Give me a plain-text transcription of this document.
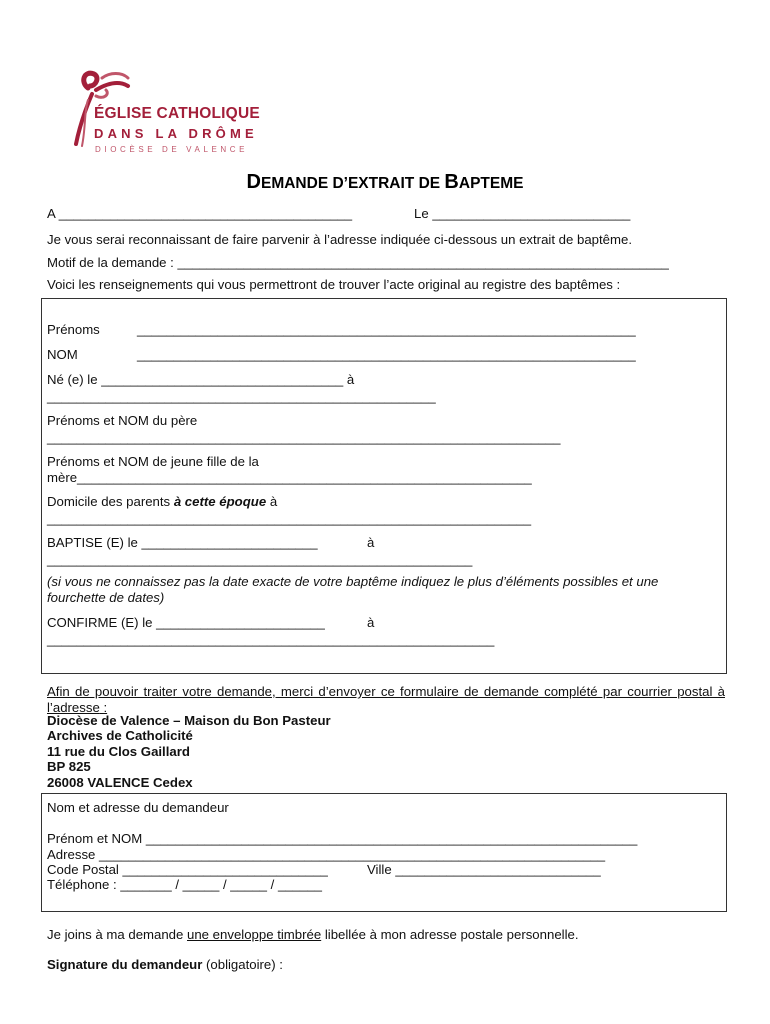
ÉGLISE CATHOLIQUE
DANS LA DRÔME
DIOCÈSE DE VALENCE
DEMANDE D’EXTRAIT DE BAPTEME
A ________________________________________	Le ___________________________
Je vous serai reconnaissant de faire parvenir à l’adresse indiquée ci-dessous un extrait de baptême.
Motif de la demande : ___________________________________________________________________
Voici les renseignements qui vous permettront de trouver l’acte original au registre des baptêmes :
Prénoms	____________________________________________________________________
NOM	____________________________________________________________________
Né (e) le _________________________________ à
_____________________________________________________
Prénoms et NOM du père
______________________________________________________________________
Prénoms et NOM de jeune fille de la
mère______________________________________________________________
Domicile des parents à cette époque à
__________________________________________________________________
BAPTISE (E) le ________________________	à
__________________________________________________________
(si vous ne connaissez pas la date exacte de votre baptême indiquez le plus d’éléments possibles et une fourchette de dates)
CONFIRME (E) le _______________________	à
_____________________________________________________________
Afin de pouvoir traiter votre demande, merci d’envoyer ce formulaire de demande complété par courrier postal à l’adresse :
Diocèse de Valence – Maison du Bon Pasteur
Archives de Catholicité
11 rue du Clos Gaillard
BP 825
26008 VALENCE Cedex
Nom et adresse du demandeur
Prénom et NOM ___________________________________________________________________
Adresse _____________________________________________________________________
Code Postal ____________________________	Ville ____________________________
Téléphone : _______ / _____ / _____ / ______
Je joins à ma demande une enveloppe timbrée libellée à mon adresse postale personnelle.
Signature du demandeur (obligatoire) :
